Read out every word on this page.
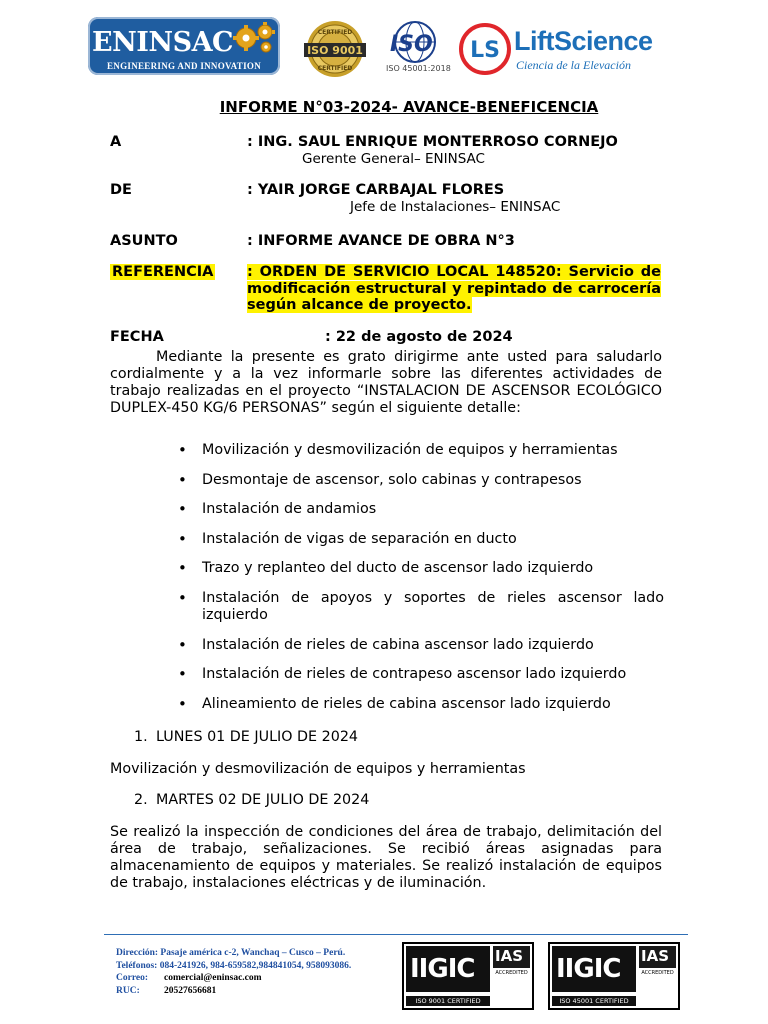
ENINSAC
ENGINEERING AND INNOVATION
ISO 9001
CERTIFIED
CERTIFIED
ISO
ISO 45001:2018
LS LiftScience
Ciencia de la Elevación
INFORME N°03-2024- AVANCE-BENEFICENCIA
A	: ING. SAUL ENRIQUE MONTERROSO CORNEJO
Gerente General– ENINSAC
DE	: YAIR JORGE CARBAJAL FLORES
Jefe de Instalaciones– ENINSAC
ASUNTO	: INFORME AVANCE DE OBRA N°3
REFERENCIA : ORDEN DE SERVICIO LOCAL 148520: Servicio de modificación estructural y repintado de carrocería según alcance de proyecto.
FECHA	: 22 de agosto de 2024
Mediante la presente es grato dirigirme ante usted para saludarlo cordialmente y a la vez informarle sobre las diferentes actividades de trabajo realizadas en el proyecto “INSTALACION DE ASCENSOR ECOLÓGICO DUPLEX-450 KG/6 PERSONAS” según el siguiente detalle:
• Movilización y desmovilización de equipos y herramientas
• Desmontaje de ascensor, solo cabinas y contrapesos
• Instalación de andamios
• Instalación de vigas de separación en ducto
• Trazo y replanteo del ducto de ascensor lado izquierdo
• Instalación de apoyos y soportes de rieles ascensor lado izquierdo
• Instalación de rieles de cabina ascensor lado izquierdo
• Instalación de rieles de contrapeso ascensor lado izquierdo
• Alineamiento de rieles de cabina ascensor lado izquierdo
1. LUNES 01 DE JULIO DE 2024
Movilización y desmovilización de equipos y herramientas
2. MARTES 02 DE JULIO DE 2024
Se realizó la inspección de condiciones del área de trabajo, delimitación del área de trabajo, señalizaciones. Se recibió áreas asignadas para almacenamiento de equipos y materiales. Se realizó instalación de equipos de trabajo, instalaciones eléctricas y de iluminación.
Dirección: Pasaje américa c-2, Wanchaq – Cusco – Perú.
Teléfonos: 084-241926, 984-659582,984841054, 958093086.
Correo: comercial@eninsac.com
RUC:	20527656681
IIGIC IAS
ACCREDITED
ISO 9001 CERTIFIED
IIGIC IAS
ACCREDITED
ISO 45001 CERTIFIED
